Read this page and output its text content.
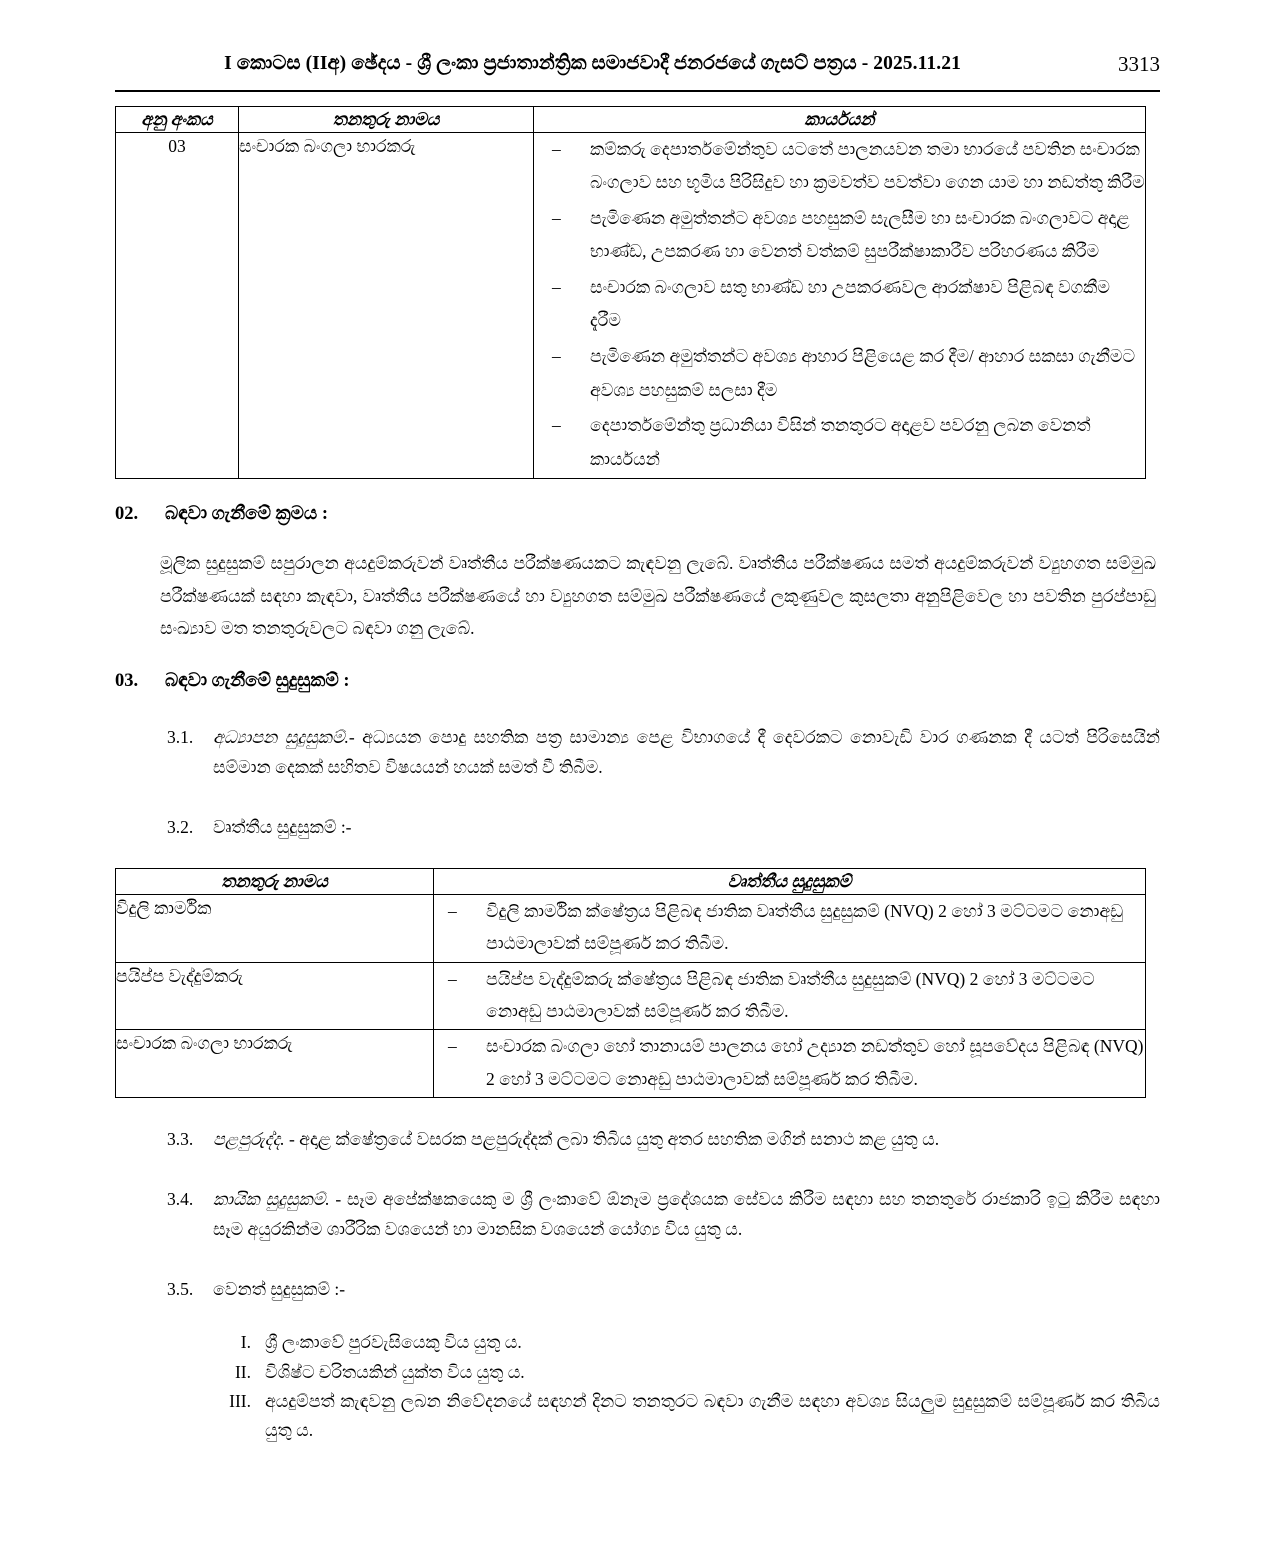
I කොටස (IIඅ) ඡේදය - ශ්‍රී ලංකා ප්‍රජාතාන්ත්‍රික සමාජවාදී ජනරජයේ ගැසට් පත්‍රය - 2025.11.21	3313
අනු අංකය	තනතුරු නාමය	කාර්යයන්
03	සංචාරක බංගලා භාරකරු	– කම්කරු දෙපාර්තමේන්තුව යටතේ පාලනයවන තමා භාරයේ පවතින සංචාරක බංගලාව සහ භූමිය පිරිසිදුව හා ක්‍රමවත්ව පවත්වා ගෙන යාම හා නඩත්තු කිරීම
– පැමිණෙන අමුත්තන්ට අවශ්‍ය පහසුකම් සැලසීම හා සංචාරක බංගලාවට අදාළ භාණ්ඩ, උපකරණ හා වෙනත් වත්කම් සුපරීක්ෂාකාරීව පරිහරණය කිරීම
– සංචාරක බංගලාව සතු භාණ්ඩ හා උපකරණවල ආරක්ෂාව පිළිබඳ වගකීම දැරීම
– පැමිණෙන අමුත්තන්ට අවශ්‍ය ආහාර පිළියෙළ කර දීම/ ආහාර සකසා ගැනීමට අවශ්‍ය පහසුකම් සලසා දීම
– දෙපාර්තමේන්තු ප්‍රධානියා විසින් තනතුරට අදාළව පවරනු ලබන වෙනත් කාර්යයන්
02. බඳවා ගැනීමේ ක්‍රමය :
මූලික සුදුසුකම් සපුරාලන අයදුම්කරුවන් වෘත්තීය පරීක්ෂණයකට කැඳවනු ලැබේ. වෘත්තීය පරීක්ෂණය සමත් අයදුම්කරුවන් ව්‍යුහගත සම්මුඛ පරීක්ෂණයක් සඳහා කැඳවා, වෘත්තීය පරීක්ෂණයේ හා ව්‍යුහගත සම්මුඛ පරීක්ෂණයේ ලකුණුවල කුසලතා අනුපිළිවෙල හා පවතින පුරප්පාඩු සංඛ්‍යාව මත තනතුරුවලට බඳවා ගනු ලැබේ.
03. බඳවා ගැනීමේ සුදුසුකම් :
3.1. අධ්‍යාපන සුදුසුකම්.- අධ්‍යයන පොදු සහතික පත්‍ර සාමාන්‍ය පෙළ විභාගයේ දී දෙවරකට නොවැඩි වාර ගණනක දී යටත් පිරිසෙයින් සම්මාන දෙකක් සහිතව විෂයයන් හයක් සමත් වී තිබීම.
3.2. වෘත්තීය සුදුසුකම් :-
තනතුරු නාමය	වෘත්තීය සුදුසුකම්
විදුලි කාර්මික	– විදුලි කාර්මික ක්ෂේත්‍රය පිළිබඳ ජාතික වෘත්තීය සුදුසුකම් (NVQ) 2 හෝ 3 මට්ටමට නොඅඩු පාඨමාලාවක් සම්පූර්ණ කර තිබීම.

පයිප්ප වැද්දුම්කරු	– පයිප්ප වැද්දුම්කරු ක්ෂේත්‍රය පිළිබඳ ජාතික වෘත්තීය සුදුසුකම් (NVQ) 2 හෝ 3 මට්ටමට නොඅඩු පාඨමාලාවක් සම්පූර්ණ කර තිබීම.

සංචාරක බංගලා භාරකරු	– සංචාරක බංගලා හෝ තානායම් පාලනය හෝ උද්‍යාන නඩත්තුව හෝ සූපවේදය පිළිබඳ (NVQ) 2 හෝ 3 මට්ටමට නොඅඩු පාඨමාලාවක් සම්පූර්ණ කර තිබීම.
3.3. පළපුරුද්ද. - අදාළ ක්ෂේත්‍රයේ වසරක පළපුරුද්දක් ලබා තිබිය යුතු අතර සහතික මගින් සනාථ කළ යුතු ය.
3.4. කායික සුදුසුකම්. - සෑම අපේක්ෂකයෙකු ම ශ්‍රී ලංකාවේ ඕනෑම ප්‍රදේශයක සේවය කිරීම සඳහා සහ තනතුරේ රාජකාරි ඉටු කිරීම සඳහා සෑම අයුරකින්ම ශාරීරික වශයෙන් හා මානසික වශයෙන් යෝග්‍ය විය යුතු ය.
3.5. වෙනත් සුදුසුකම් :-
I. ශ්‍රී ලංකාවේ පුරවැසියෙකු විය යුතු ය.
II. විශිෂ්ට චරිතයකින් යුක්ත විය යුතු ය.
III. අයදුම්පත් කැඳවනු ලබන නිවේදනයේ සඳහන් දිනට තනතුරට බඳවා ගැනීම සඳහා අවශ්‍ය සියලුම සුදුසුකම් සම්පූර්ණ කර තිබිය යුතු ය.
